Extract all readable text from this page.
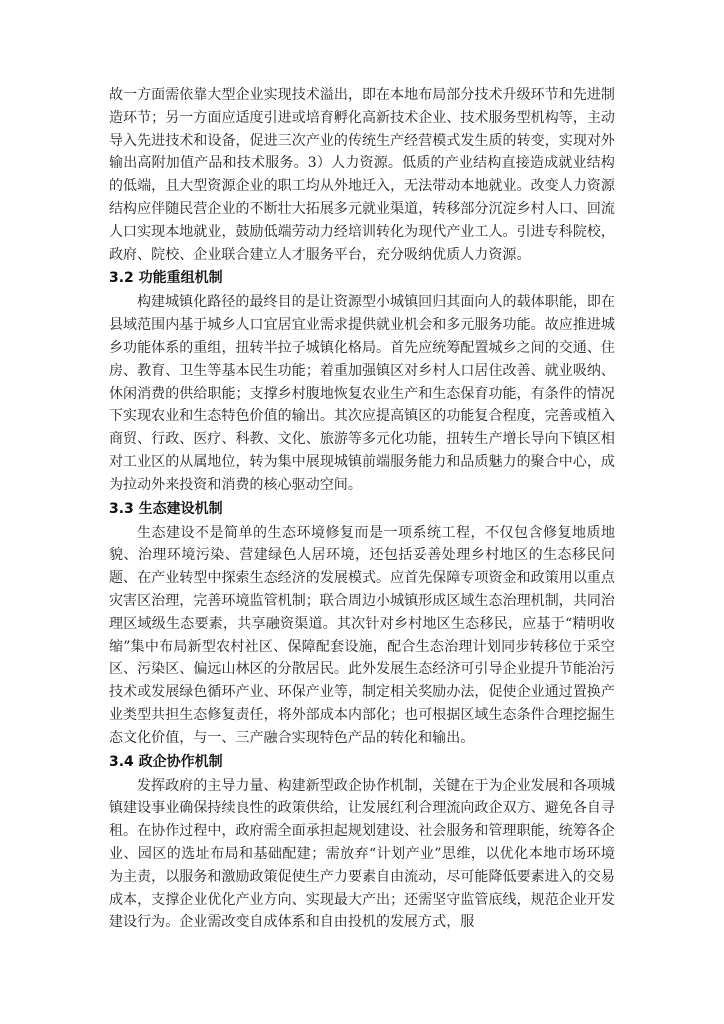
故一方面需依靠大型企业实现技术溢出，即在本地布局部分技术升级环节和先进制造环节；另一方面应适度引进或培育孵化高新技术企业、技术服务型机构等，主动导入先进技术和设备，促进三次产业的传统生产经营模式发生质的转变，实现对外输出高附加值产品和技术服务。3）人力资源。低质的产业结构直接造成就业结构的低端，且大型资源企业的职工均从外地迁入，无法带动本地就业。改变人力资源结构应伴随民营企业的不断壮大拓展多元就业渠道，转移部分沉淀乡村人口、回流人口实现本地就业，鼓励低端劳动力经培训转化为现代产业工人。引进专科院校，政府、院校、企业联合建立人才服务平台，充分吸纳优质人力资源。

3.2 功能重组机制

构建城镇化路径的最终目的是让资源型小城镇回归其面向人的载体职能，即在县域范围内基于城乡人口宜居宜业需求提供就业机会和多元服务功能。故应推进城乡功能体系的重组，扭转半拉子城镇化格局。首先应统筹配置城乡之间的交通、住房、教育、卫生等基本民生功能；着重加强镇区对乡村人口居住改善、就业吸纳、休闲消费的供给职能；支撑乡村腹地恢复农业生产和生态保育功能，有条件的情况下实现农业和生态特色价值的输出。其次应提高镇区的功能复合程度，完善或植入商贸、行政、医疗、科教、文化、旅游等多元化功能，扭转生产增长导向下镇区相对工业区的从属地位，转为集中展现城镇前端服务能力和品质魅力的聚合中心，成为拉动外来投资和消费的核心驱动空间。

3.3 生态建设机制

生态建设不是简单的生态环境修复而是一项系统工程，不仅包含修复地质地貌、治理环境污染、营建绿色人居环境，还包括妥善处理乡村地区的生态移民问题、在产业转型中探索生态经济的发展模式。应首先保障专项资金和政策用以重点灾害区治理，完善环境监管机制；联合周边小城镇形成区域生态治理机制，共同治理区域级生态要素，共享融资渠道。其次针对乡村地区生态移民，应基于“精明收缩”集中布局新型农村社区、保障配套设施，配合生态治理计划同步转移位于采空区、污染区、偏远山林区的分散居民。此外发展生态经济可引导企业提升节能治污技术或发展绿色循环产业、环保产业等，制定相关奖励办法，促使企业通过置换产业类型共担生态修复责任，将外部成本内部化；也可根据区域生态条件合理挖掘生态文化价值，与一、三产融合实现特色产品的转化和输出。

3.4 政企协作机制

发挥政府的主导力量、构建新型政企协作机制，关键在于为企业发展和各项城镇建设事业确保持续良性的政策供给，让发展红利合理流向政企双方、避免各自寻租。在协作过程中，政府需全面承担起规划建设、社会服务和管理职能，统筹各企业、园区的选址布局和基础配建；需放弃“计划产业”思维，以优化本地市场环境为主责，以服务和激励政策促使生产力要素自由流动，尽可能降低要素进入的交易成本，支撑企业优化产业方向、实现最大产出；还需坚守监管底线，规范企业开发建设行为。企业需改变自成体系和自由投机的发展方式，服
